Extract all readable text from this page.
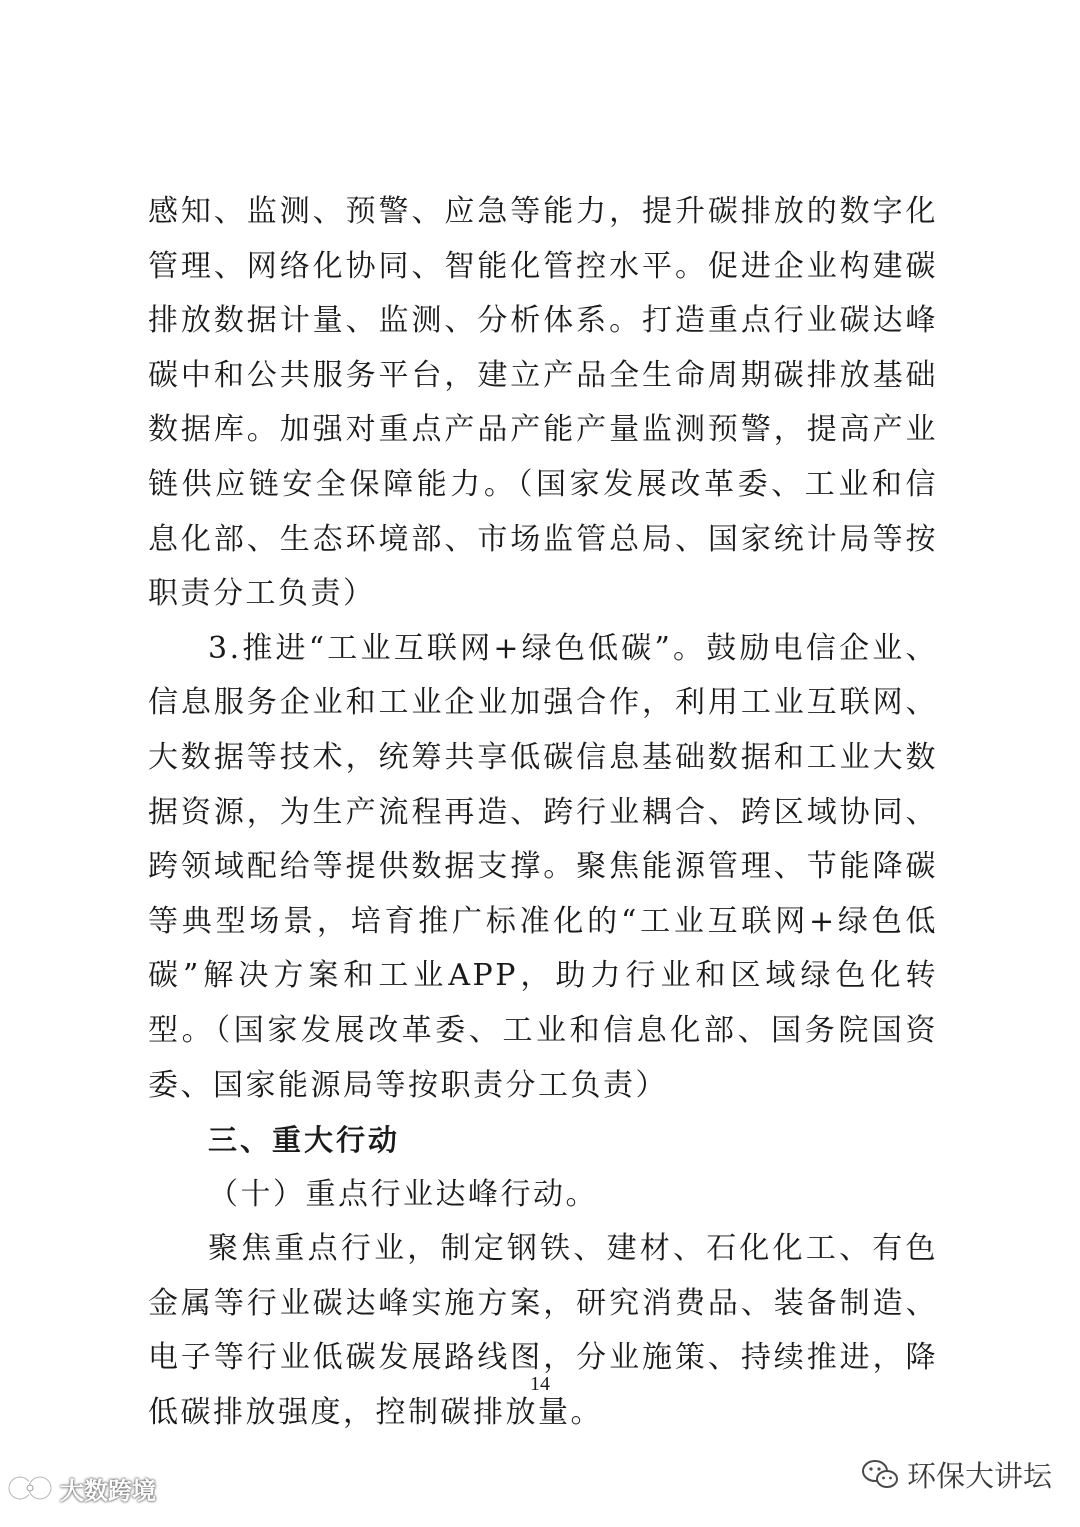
感知、监测、预警、应急等能力，提升碳排放的数字化管理、网络化协同、智能化管控水平。促进企业构建碳排放数据计量、监测、分析体系。打造重点行业碳达峰碳中和公共服务平台，建立产品全生命周期碳排放基础数据库。加强对重点产品产能产量监测预警，提高产业链供应链安全保障能力。（国家发展改革委、工业和信息化部、生态环境部、市场监管总局、国家统计局等按职责分工负责）

3.推进“工业互联网+绿色低碳”。鼓励电信企业、信息服务企业和工业企业加强合作，利用工业互联网、大数据等技术，统筹共享低碳信息基础数据和工业大数据资源，为生产流程再造、跨行业耦合、跨区域协同、跨领域配给等提供数据支撑。聚焦能源管理、节能降碳等典型场景，培育推广标准化的“工业互联网+绿色低碳”解决方案和工业APP，助力行业和区域绿色化转型。（国家发展改革委、工业和信息化部、国务院国资委、国家能源局等按职责分工负责）

三、重大行动

（十）重点行业达峰行动。

聚焦重点行业，制定钢铁、建材、石化化工、有色金属等行业碳达峰实施方案，研究消费品、装备制造、电子等行业低碳发展路线图，分业施策、持续推进，降低碳排放强度，控制碳排放量。

14
大数跨境	环保大讲坛
